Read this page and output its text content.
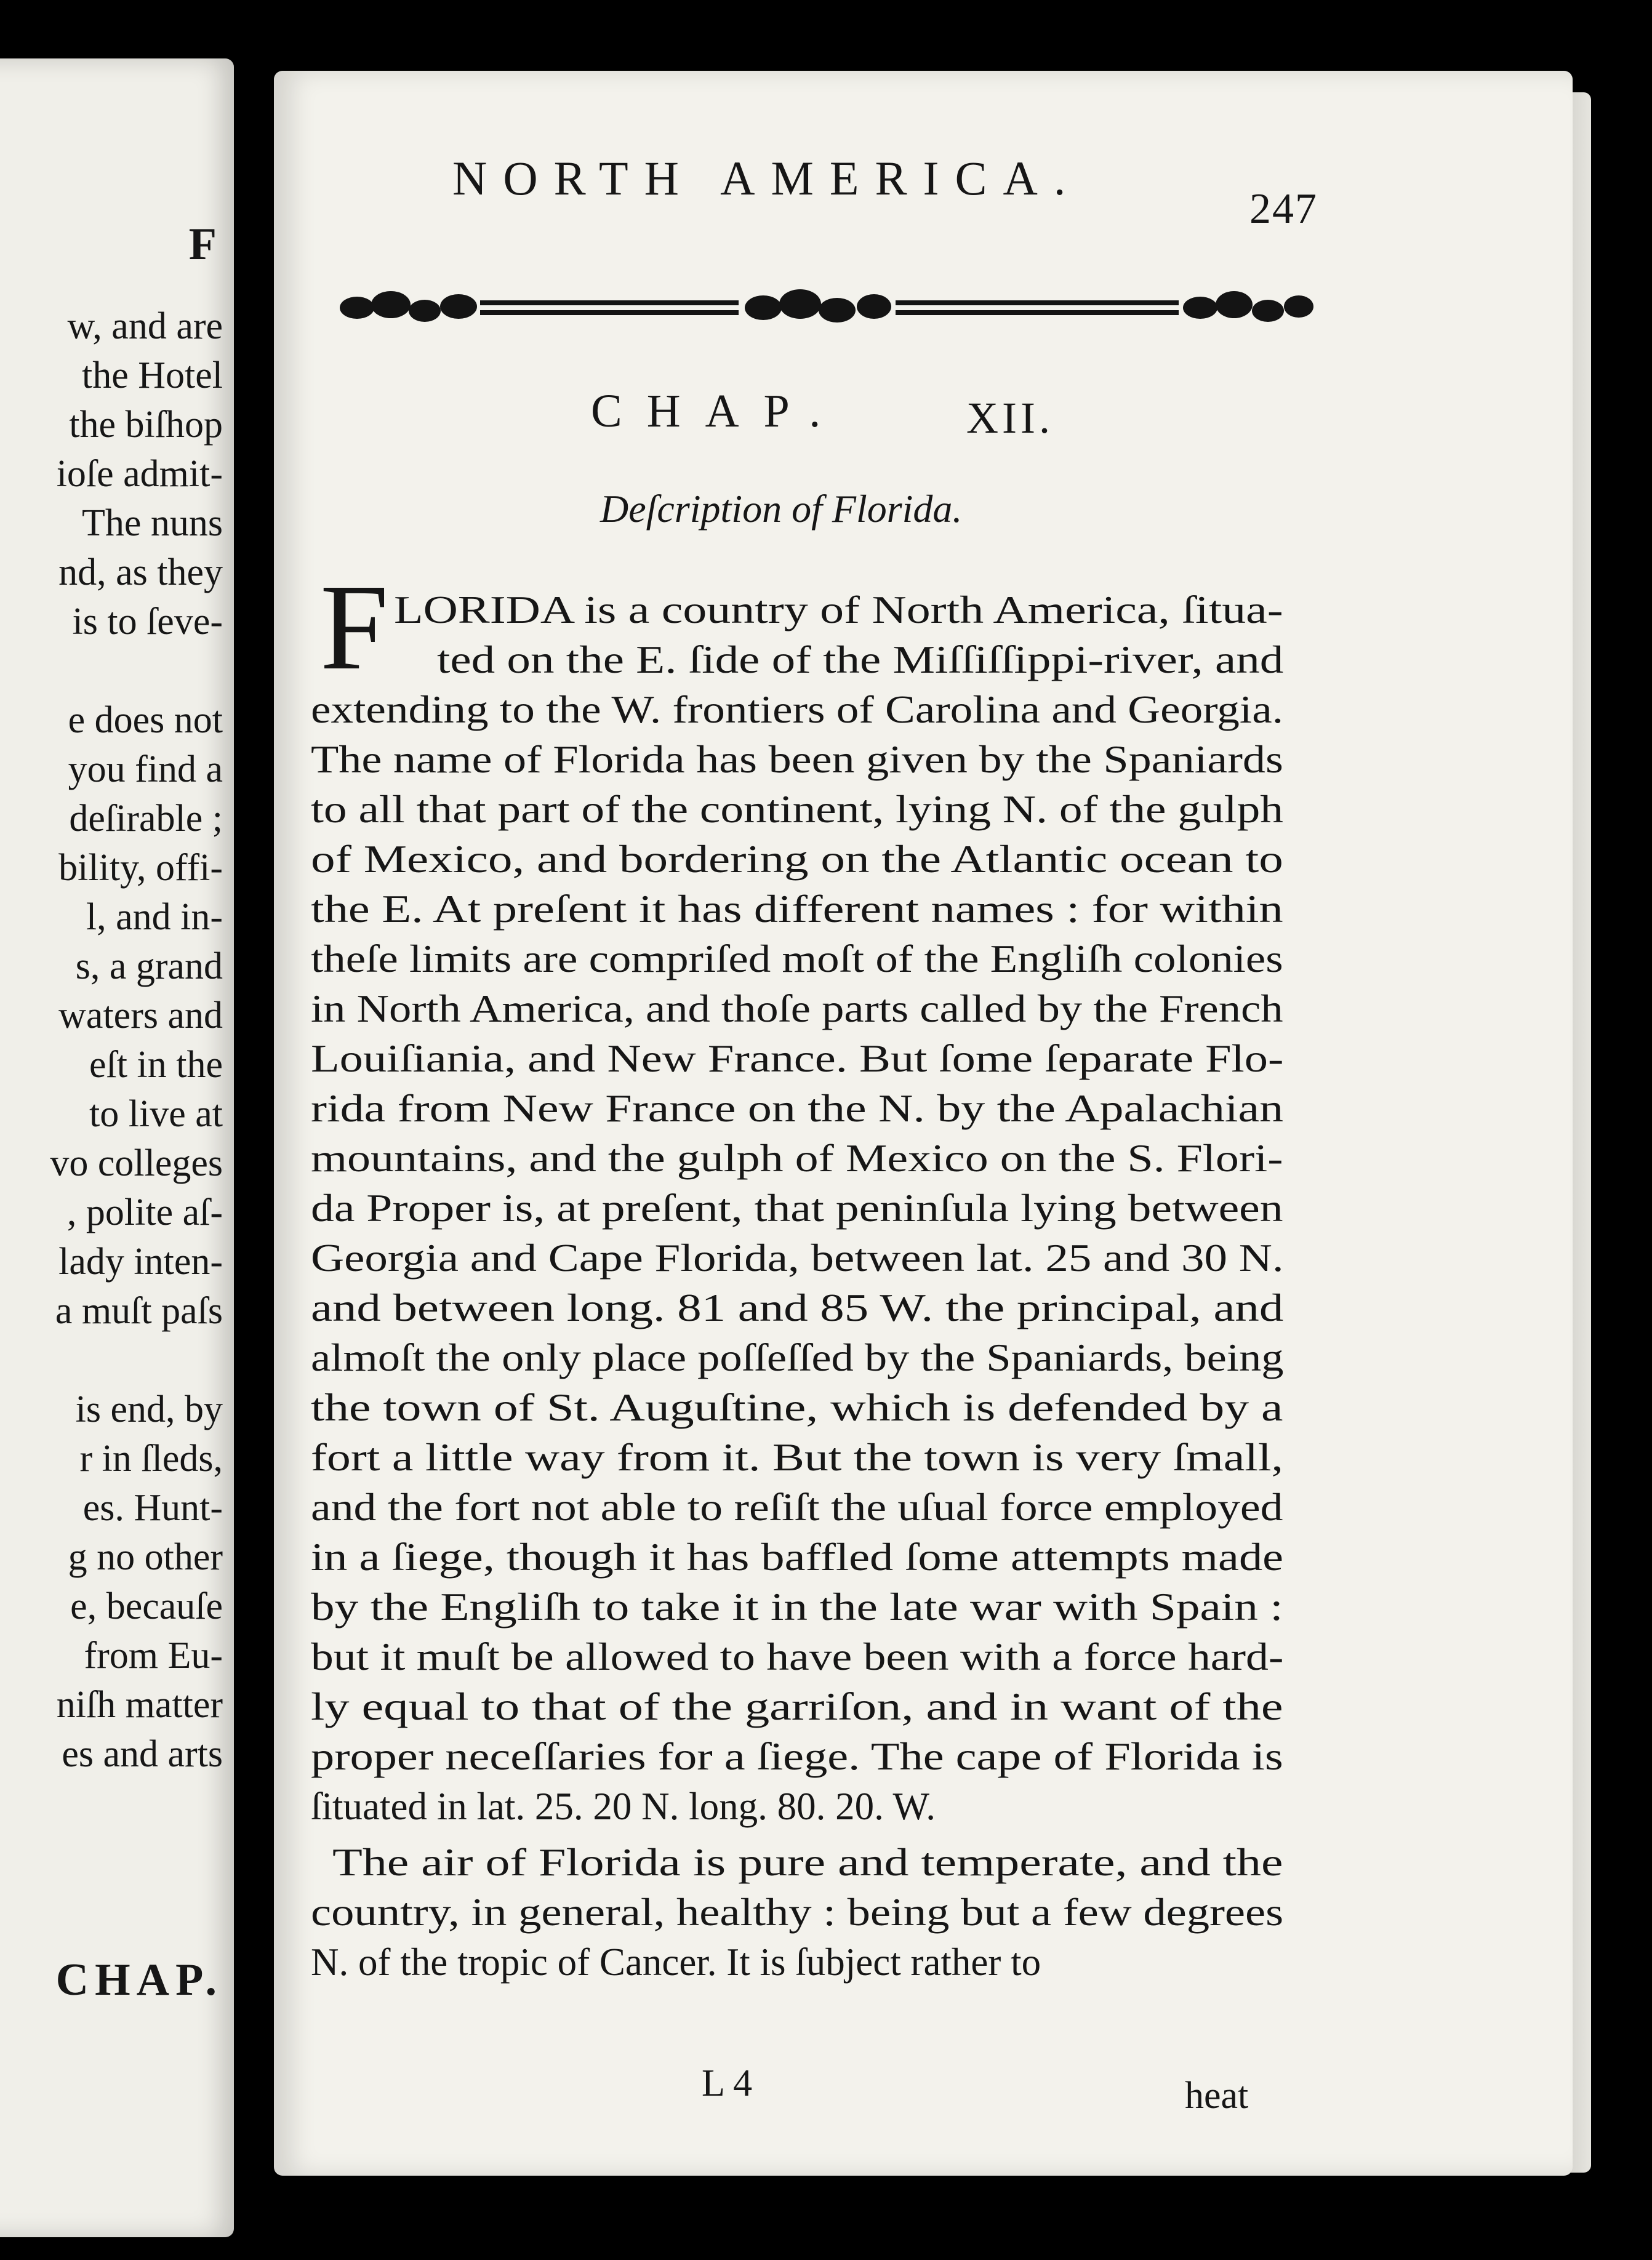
F
w, and are
the Hotel
the biſhop
ioſe admit-
The nuns
nd, as they
is to ſeve-
e does not
you find a
deſirable ;
bility, offi-
l, and in-
s, a grand
waters and
eſt in the
to live at
vo colleges
, polite aſ-
lady inten-
a muſt paſs
is end, by
r in ſleds,
es. Hunt-
g no other
e, becauſe
from Eu-
niſh matter
es and arts
CHAP.
NORTH AMERICA.
247
CHAP.	XII.
Deſcription of Florida.
F LORIDA is a country of North America, ſitua-
ted on the E. ſide of the Miſſiſſippi-river, and
extending to the W. frontiers of Carolina and Georgia.
The name of Florida has been given by the Spaniards
to all that part of the continent, lying N. of the gulph
of Mexico, and bordering on the Atlantic ocean to
the E. At preſent it has different names : for within
theſe limits are compriſed moſt of the Engliſh colonies
in North America, and thoſe parts called by the French
Louiſiania, and New France. But ſome ſeparate Flo-
rida from New France on the N. by the Apalachian
mountains, and the gulph of Mexico on the S. Flori-
da Proper is, at preſent, that peninſula lying between
Georgia and Cape Florida, between lat. 25 and 30 N.
and between long. 81 and 85 W. the principal, and
almoſt the only place poſſeſſed by the Spaniards, being
the town of St. Auguſtine, which is defended by a
fort a little way from it. But the town is very ſmall,
and the fort not able to reſiſt the uſual force employed
in a ſiege, though it has baffled ſome attempts made
by the Engliſh to take it in the late war with Spain :
but it muſt be allowed to have been with a force hard-
ly equal to that of the garriſon, and in want of the
proper neceſſaries for a ſiege. The cape of Florida is
ſituated in lat. 25. 20 N. long. 80. 20. W.
The air of Florida is pure and temperate, and the
country, in general, healthy : being but a few degrees
N. of the tropic of Cancer. It is ſubject rather to
L 4	heat
